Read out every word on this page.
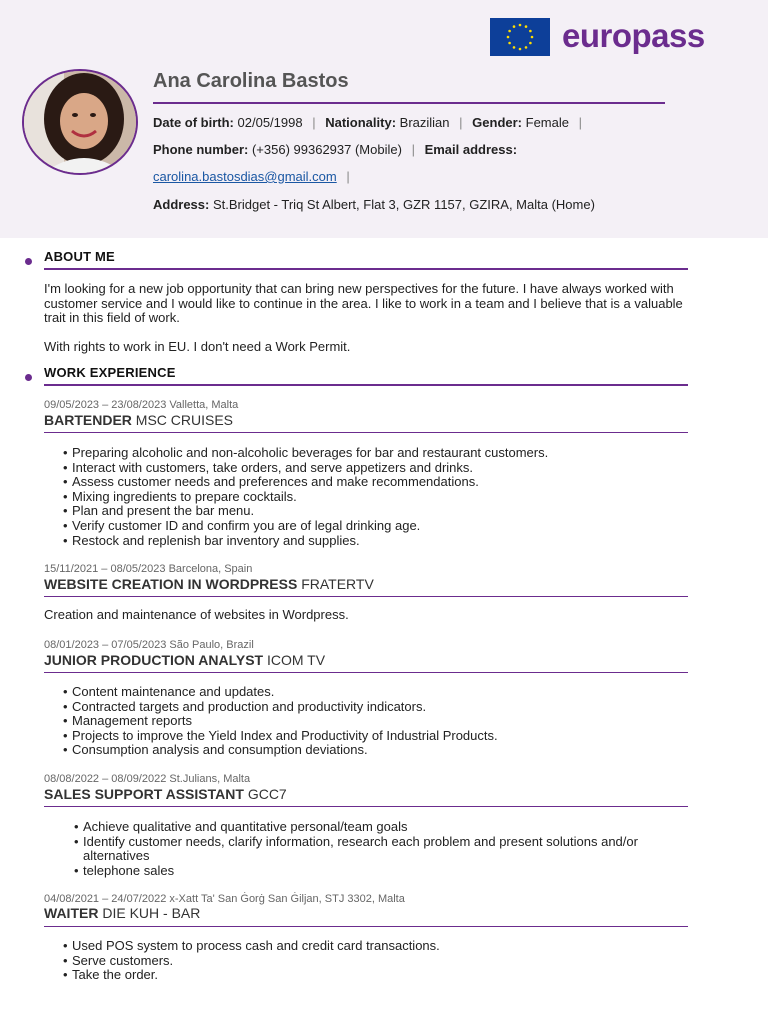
europass
Ana Carolina Bastos
Date of birth: 02/05/1998 | Nationality: Brazilian | Gender: Female |
Phone number: (+356) 99362937 (Mobile) | Email address:
carolina.bastosdias@gmail.com |
Address: St.Bridget - Triq St Albert, Flat 3, GZR 1157, GZIRA, Malta (Home)
ABOUT ME
I'm looking for a new job opportunity that can bring new perspectives for the future. I have always worked with customer service and I would like to continue in the area. I like to work in a team and I believe that is a valuable trait in this field of work.
With rights to work in EU. I don't need a Work Permit.
WORK EXPERIENCE
09/05/2023 – 23/08/2023 Valletta, Malta
BARTENDER MSC CRUISES
• Preparing alcoholic and non-alcoholic beverages for bar and restaurant customers.
• Interact with customers, take orders, and serve appetizers and drinks.
• Assess customer needs and preferences and make recommendations.
• Mixing ingredients to prepare cocktails.
• Plan and present the bar menu.
• Verify customer ID and confirm you are of legal drinking age.
• Restock and replenish bar inventory and supplies.
15/11/2021 – 08/05/2023 Barcelona, Spain
WEBSITE CREATION IN WORDPRESS FRATERTV
Creation and maintenance of websites in Wordpress.
08/01/2023 – 07/05/2023 São Paulo, Brazil
JUNIOR PRODUCTION ANALYST ICOM TV
• Content maintenance and updates.
• Contracted targets and production and productivity indicators.
• Management reports
• Projects to improve the Yield Index and Productivity of Industrial Products.
• Consumption analysis and consumption deviations.
08/08/2022 – 08/09/2022 St.Julians, Malta
SALES SUPPORT ASSISTANT GCC7
• Achieve qualitative and quantitative personal/team goals
• Identify customer needs, clarify information, research each problem and present solutions and/or alternatives
• telephone sales
04/08/2021 – 24/07/2022 x-Xatt Ta' San Ġorġ San Ġiljan, STJ 3302, Malta
WAITER DIE KUH - BAR
• Used POS system to process cash and credit card transactions.
• Serve customers.
• Take the order.
